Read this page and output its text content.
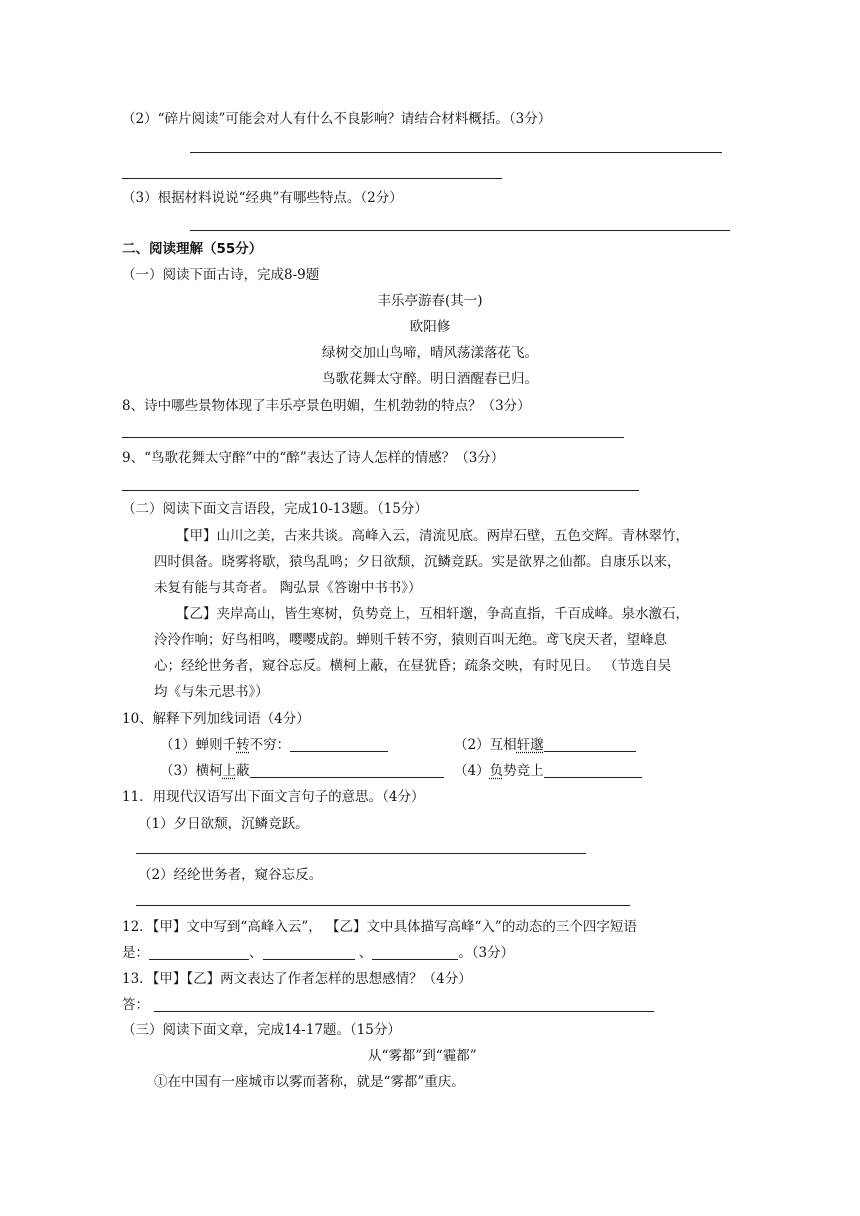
（2）“碎片阅读”可能会对人有什么不良影响？请结合材料概括。（3分）
（3）根据材料说说“经典”有哪些特点。（2分）
二、阅读理解（55分）
（一）阅读下面古诗，完成8-9题
丰乐亭游春(其一)
欧阳修
绿树交加山鸟啼，晴风荡漾落花飞。
鸟歌花舞太守醉。明日酒醒春已归。
8、诗中哪些景物体现了丰乐亭景色明媚，生机勃勃的特点？（3分）
9、“鸟歌花舞太守醉”中的“醉”表达了诗人怎样的情感？（3分）
（二）阅读下面文言语段，完成10-13题。（15分）
【甲】山川之美，古来共谈。高峰入云，清流见底。两岸石壁，五色交辉。青林翠竹，
四时俱备。晓雾将歇，猿鸟乱鸣；夕日欲颓，沉鳞竞跃。实是欲界之仙都。自康乐以来，
未复有能与其奇者。 陶弘景《答谢中书书》）
【乙】夹岸高山，皆生寒树，负势竞上，互相轩邈，争高直指，千百成峰。泉水激石，
泠泠作响；好鸟相鸣，嘤嘤成韵。蝉则千转不穷，猿则百叫无绝。鸢飞戾天者，望峰息
心；经纶世务者，窥谷忘反。横柯上蔽，在昼犹昏；疏条交映，有时见日。 （节选自吴
均《与朱元思书》）
10、解释下列加线词语（4分）
（1）蝉则千转不穷：	（2）互相轩邈
（3）横柯上蔽	（4）负势竞上
11．用现代汉语写出下面文言句子的意思。（4分）
（1）夕日欲颓，沉鳞竞跃。
（2）经纶世务者，窥谷忘反。
12．【甲】文中写到“高峰入云”， 【乙】文中具体描写高峰“入”的动态的三个四字短语
是：	、	、	。（3分）
13．【甲】【乙】两文表达了作者怎样的思想感情？（4分）
答：
（三）阅读下面文章，完成14-17题。（15分）
从“雾都”到“霾都”
①在中国有一座城市以雾而著称，就是“雾都”重庆。
